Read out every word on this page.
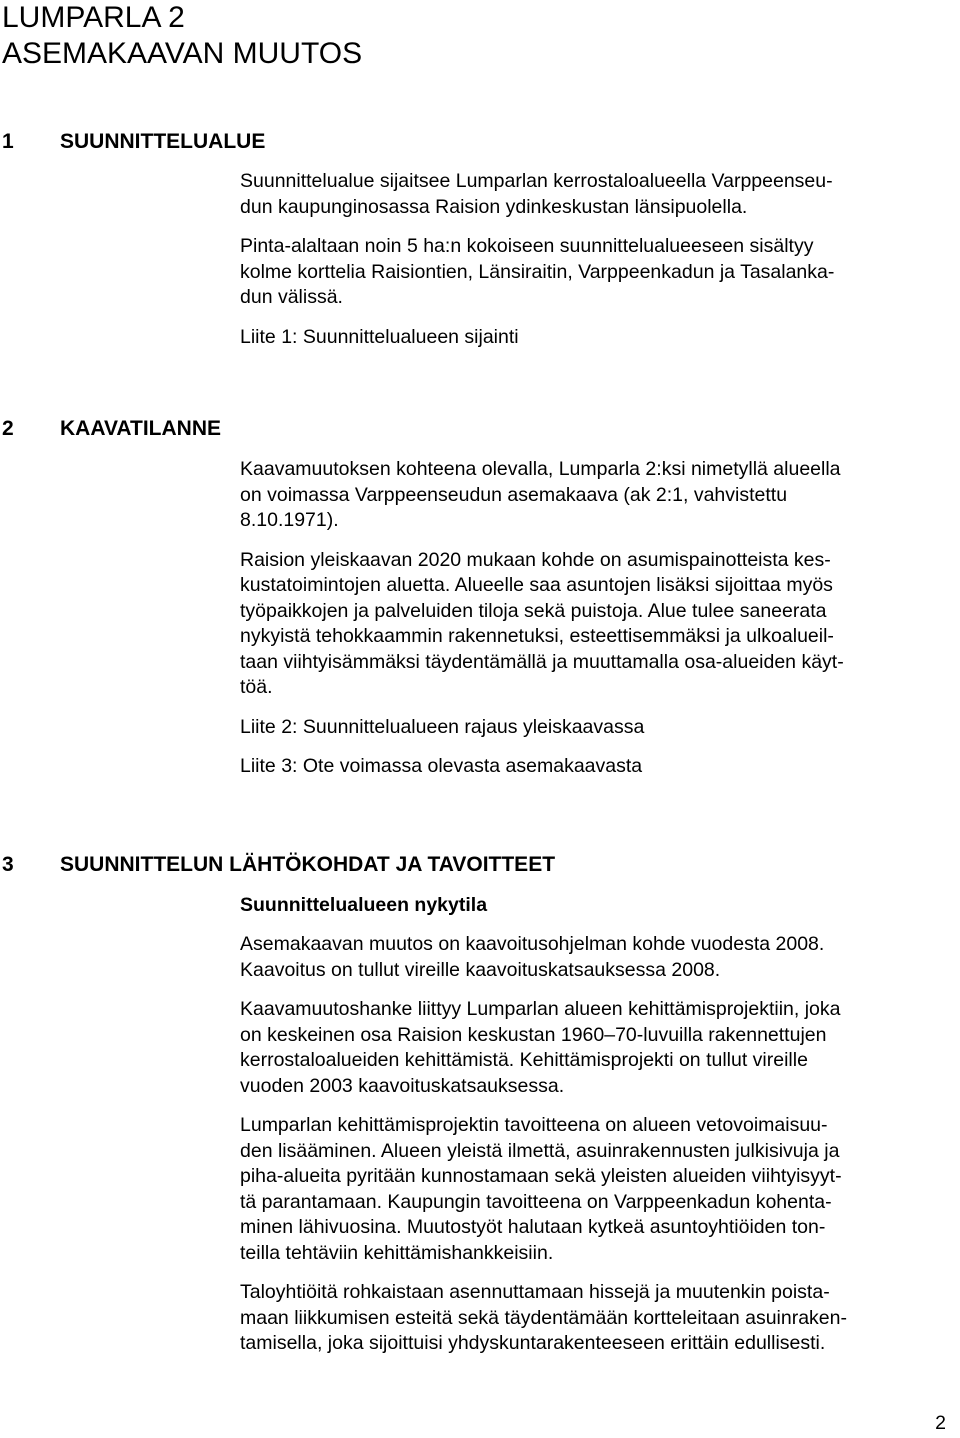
LUMPARLA 2
ASEMAKAAVAN MUUTOS
1 SUUNNITTELUALUE

Suunnittelualue sijaitsee Lumparlan kerrostaloalueella Varppeenseu-
dun kaupunginosassa Raision ydinkeskustan länsipuolella.

Pinta-alaltaan noin 5 ha:n kokoiseen suunnittelualueeseen sisältyy
kolme korttelia Raisiontien, Länsiraitin, Varppeenkadun ja Tasalanka-
dun välissä.

Liite 1: Suunnittelualueen sijainti

2 KAAVATILANNE

Kaavamuutoksen kohteena olevalla, Lumparla 2:ksi nimetyllä alueella
on voimassa Varppeenseudun asemakaava (ak 2:1, vahvistettu
8.10.1971).

Raision yleiskaavan 2020 mukaan kohde on asumispainotteista kes-
kustatoimintojen aluetta. Alueelle saa asuntojen lisäksi sijoittaa myös
työpaikkojen ja palveluiden tiloja sekä puistoja. Alue tulee saneerata
nykyistä tehokkaammin rakennetuksi, esteettisemmäksi ja ulkoalueil-
taan viihtyisämmäksi täydentämällä ja muuttamalla osa-alueiden käyt-
töä.

Liite 2: Suunnittelualueen rajaus yleiskaavassa

Liite 3: Ote voimassa olevasta asemakaavasta

3 SUUNNITTELUN LÄHTÖKOHDAT JA TAVOITTEET
Suunnittelualueen nykytila

Asemakaavan muutos on kaavoitusohjelman kohde vuodesta 2008.
Kaavoitus on tullut vireille kaavoituskatsauksessa 2008.

Kaavamuutoshanke liittyy Lumparlan alueen kehittämisprojektiin, joka
on keskeinen osa Raision keskustan 1960–70-luvuilla rakennettujen
kerrostaloalueiden kehittämistä. Kehittämisprojekti on tullut vireille
vuoden 2003 kaavoituskatsauksessa.

Lumparlan kehittämisprojektin tavoitteena on alueen vetovoimaisuu-
den lisääminen. Alueen yleistä ilmettä, asuinrakennusten julkisivuja ja
piha-alueita pyritään kunnostamaan sekä yleisten alueiden viihtyisyyt-
tä parantamaan. Kaupungin tavoitteena on Varppeenkadun kohenta-
minen lähivuosina. Muutostyöt halutaan kytkeä asuntoyhtiöiden ton-
teilla tehtäviin kehittämishankkeisiin.

Taloyhtiöitä rohkaistaan asennuttamaan hissejä ja muutenkin poista-
maan liikkumisen esteitä sekä täydentämään kortteleitaan asuinraken-
tamisella, joka sijoittuisi yhdyskuntarakenteeseen erittäin edullisesti.

2
